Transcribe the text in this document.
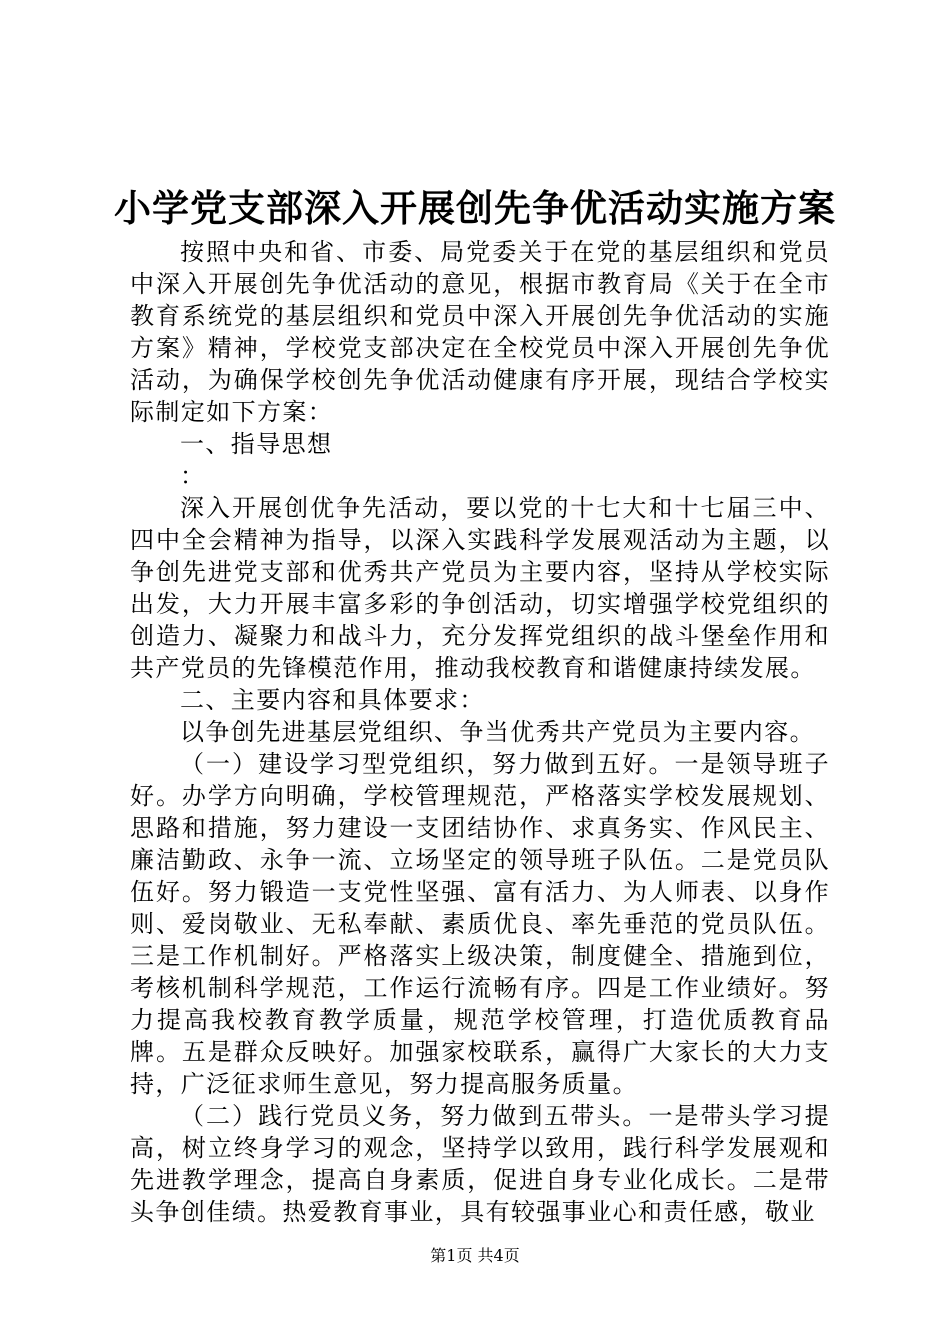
小学党支部深入开展创先争优活动实施方案

按照中央和省、市委、局党委关于在党的基层组织和党员中深入开展创先争优活动的意见，根据市教育局《关于在全市教育系统党的基层组织和党员中深入开展创先争优活动的实施方案》精神，学校党支部决定在全校党员中深入开展创先争优活动，为确保学校创先争优活动健康有序开展，现结合学校实际制定如下方案：

一、指导思想

：

深入开展创优争先活动，要以党的十七大和十七届三中、四中全会精神为指导，以深入实践科学发展观活动为主题，以争创先进党支部和优秀共产党员为主要内容，坚持从学校实际出发，大力开展丰富多彩的争创活动，切实增强学校党组织的创造力、凝聚力和战斗力，充分发挥党组织的战斗堡垒作用和共产党员的先锋模范作用，推动我校教育和谐健康持续发展。

二、主要内容和具体要求：

以争创先进基层党组织、争当优秀共产党员为主要内容。

（一）建设学习型党组织，努力做到五好。一是领导班子好。办学方向明确，学校管理规范，严格落实学校发展规划、思路和措施，努力建设一支团结协作、求真务实、作风民主、廉洁勤政、永争一流、立场坚定的领导班子队伍。二是党员队伍好。努力锻造一支党性坚强、富有活力、为人师表、以身作则、爱岗敬业、无私奉献、素质优良、率先垂范的党员队伍。三是工作机制好。严格落实上级决策，制度健全、措施到位，考核机制科学规范，工作运行流畅有序。四是工作业绩好。努力提高我校教育教学质量，规范学校管理，打造优质教育品牌。五是群众反映好。加强家校联系，赢得广大家长的大力支持，广泛征求师生意见，努力提高服务质量。

（二）践行党员义务，努力做到五带头。一是带头学习提高，树立终身学习的观念，坚持学以致用，践行科学发展观和先进教学理念，提高自身素质，促进自身专业化成长。二是带头争创佳绩。热爱教育事业，具有较强事业心和责任感，敬业

第1页 共4页
